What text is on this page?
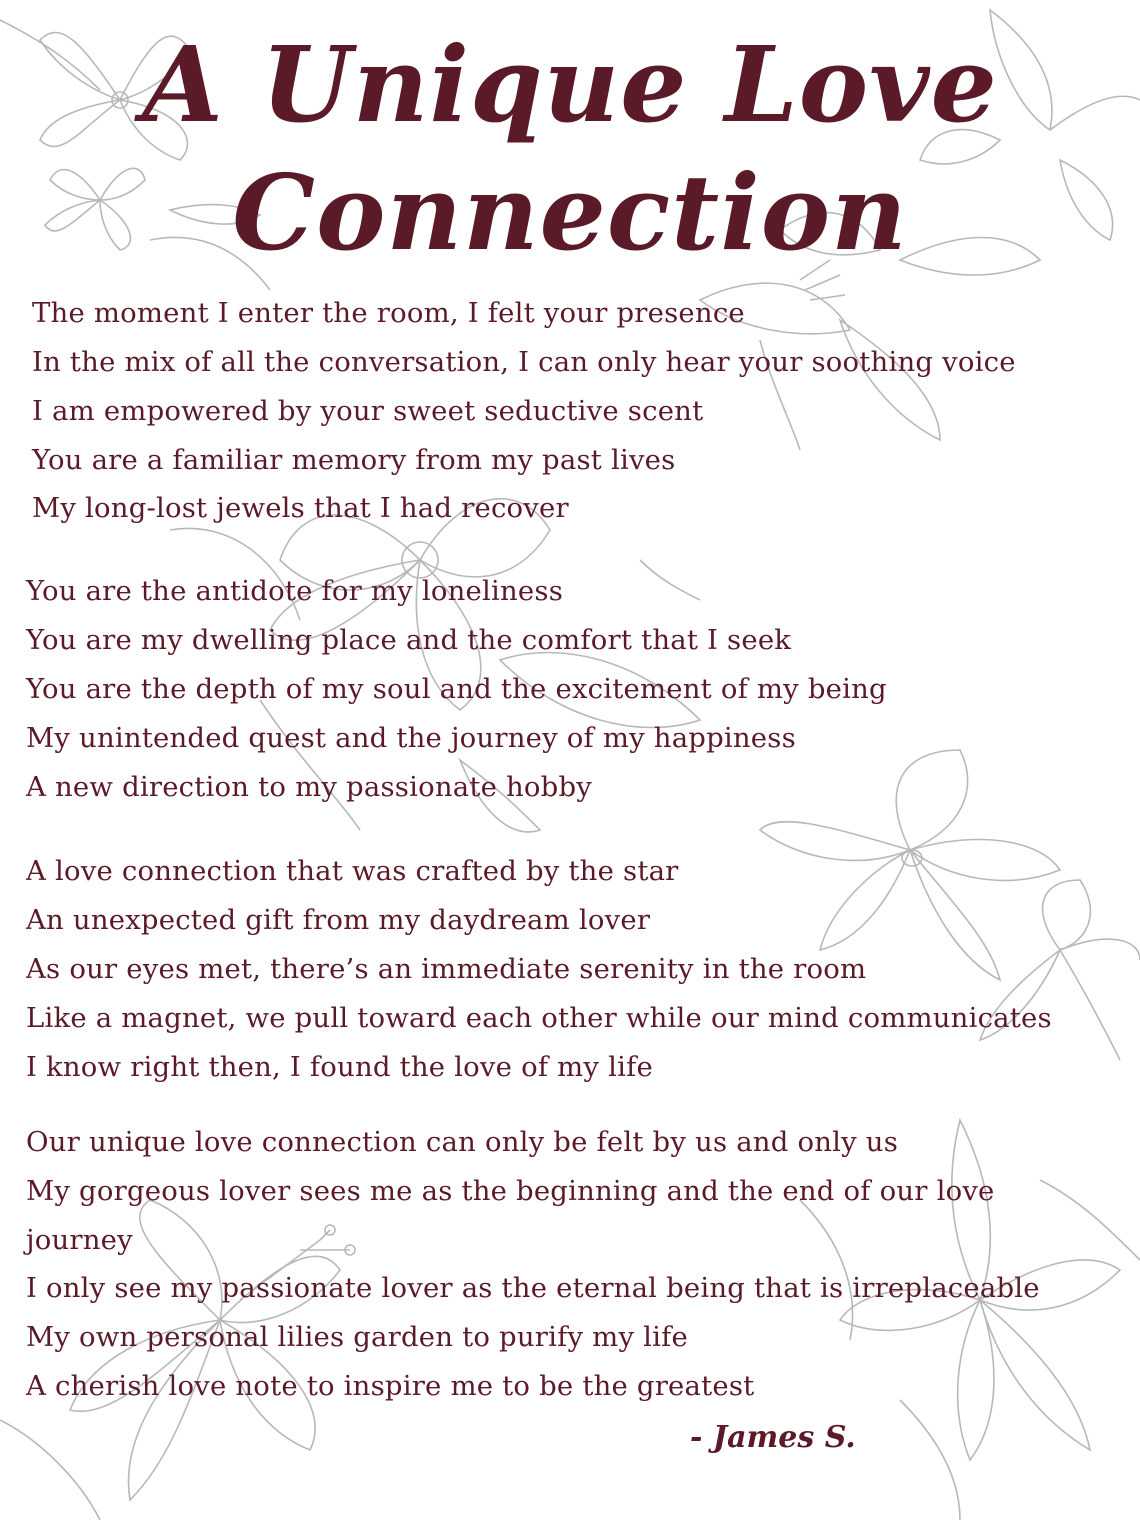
A Unique Love
Connection

The moment I enter the room, I felt your presence

In the mix of all the conversation, I can only hear your soothing voice

I am empowered by your sweet seductive scent

You are a familiar memory from my past lives

My long-lost jewels that I had recover

You are the antidote for my loneliness

You are my dwelling place and the comfort that I seek

You are the depth of my soul and the excitement of my being

My unintended quest and the journey of my happiness

A new direction to my passionate hobby

A love connection that was crafted by the star

An unexpected gift from my daydream lover

As our eyes met, there’s an immediate serenity in the room

Like a magnet, we pull toward each other while our mind communicates

I know right then, I found the love of my life

Our unique love connection can only be felt by us and only us

My gorgeous lover sees me as the beginning and the end of our love

journey

I only see my passionate lover as the eternal being that is irreplaceable

My own personal lilies garden to purify my life

A cherish love note to inspire me to be the greatest

- James S.
